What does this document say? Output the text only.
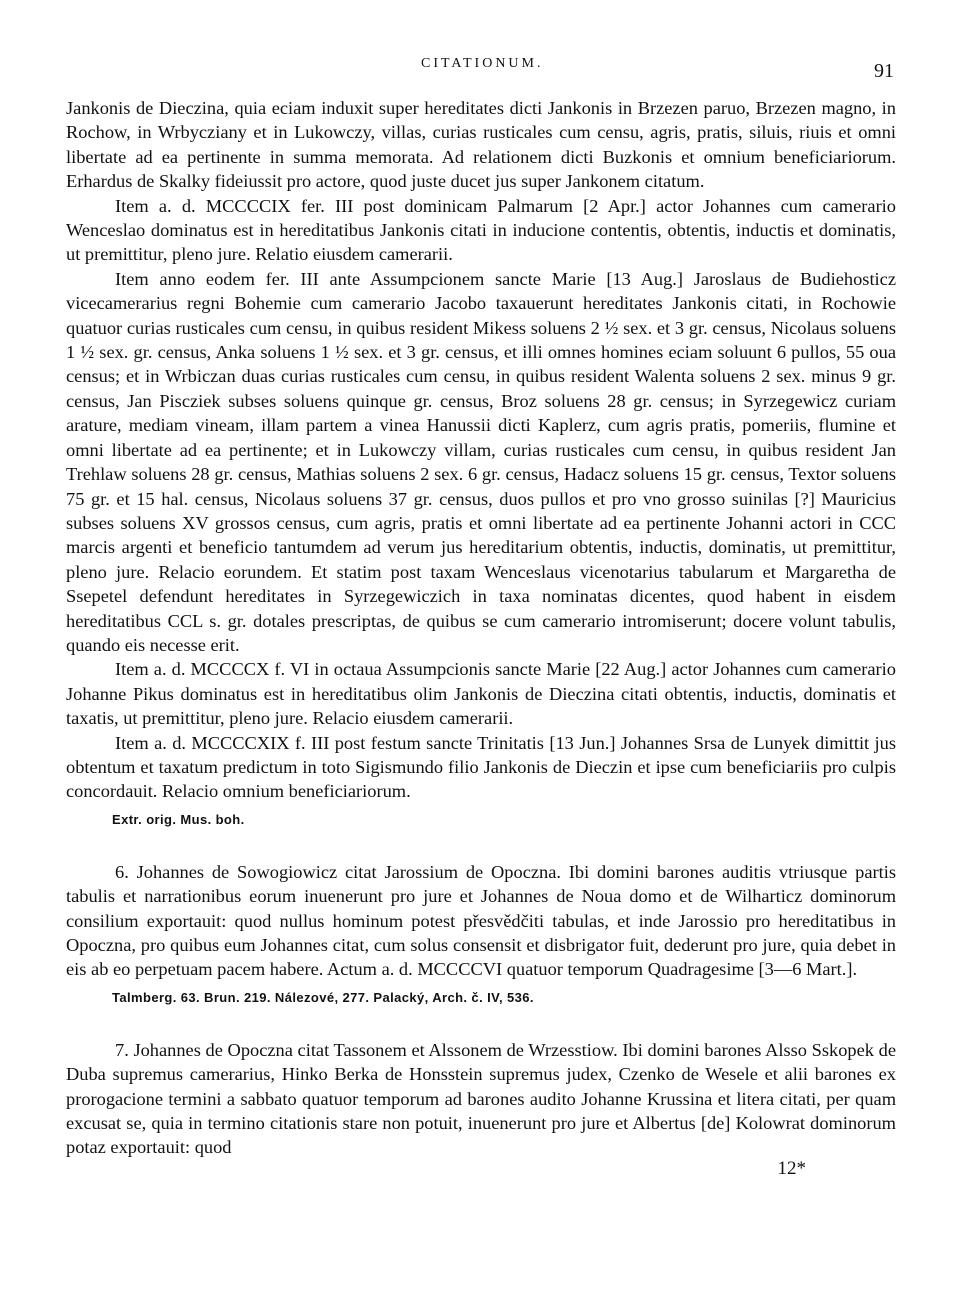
CITATIONUM.	91

Jankonis de Dieczina, quia eciam induxit super hereditates dicti Jankonis in Brzezen paruo, Brzezen magno, in Rochow, in Wrbycziany et in Lukowczy, villas, curias rusticales cum censu, agris, pratis, siluis, riuis et omni libertate ad ea pertinente in summa memorata. Ad relationem dicti Buzkonis et omnium beneficiariorum. Erhardus de Skalky fideiussit pro actore, quod juste ducet jus super Jankonem citatum.

Item a. d. MCCCCIX fer. III post dominicam Palmarum [2 Apr.] actor Johannes cum camerario Wenceslao dominatus est in hereditatibus Jankonis citati in inducione contentis, obtentis, inductis et dominatis, ut premittitur, pleno jure. Relatio eiusdem camerarii.

Item anno eodem fer. III ante Assumpcionem sancte Marie [13 Aug.] Jaroslaus de Budiehosticz vicecamerarius regni Bohemie cum camerario Jacobo taxauerunt hereditates Jankonis citati, in Rochowie quatuor curias rusticales cum censu, in quibus resident Mikess soluens 2 ½ sex. et 3 gr. census, Nicolaus soluens 1 ½ sex. gr. census, Anka soluens 1 ½ sex. et 3 gr. census, et illi omnes homines eciam soluunt 6 pullos, 55 oua census; et in Wrbiczan duas curias rusticales cum censu, in quibus resident Walenta soluens 2 sex. minus 9 gr. census, Jan Piscziek subses soluens quinque gr. census, Broz soluens 28 gr. census; in Syrzegewicz curiam arature, mediam vineam, illam partem a vinea Hanussii dicti Kaplerz, cum agris pratis, pomeriis, flumine et omni libertate ad ea pertinente; et in Lukowczy villam, curias rusticales cum censu, in quibus resident Jan Trehlaw soluens 28 gr. census, Mathias soluens 2 sex. 6 gr. census, Hadacz soluens 15 gr. census, Textor soluens 75 gr. et 15 hal. census, Nicolaus soluens 37 gr. census, duos pullos et pro vno grosso suinilas [?] Mauricius subses soluens XV grossos census, cum agris, pratis et omni libertate ad ea pertinente Johanni actori in CCC marcis argenti et beneficio tantumdem ad verum jus hereditarium obtentis, inductis, dominatis, ut premittitur, pleno jure. Relacio eorundem. Et statim post taxam Wenceslaus vicenotarius tabularum et Margaretha de Ssepetel defendunt hereditates in Syrzegewiczich in taxa nominatas dicentes, quod habent in eisdem hereditatibus CCL s. gr. dotales prescriptas, de quibus se cum camerario intromiserunt; docere volunt tabulis, quando eis necesse erit.

Item a. d. MCCCCX f. VI in octaua Assumpcionis sancte Marie [22 Aug.] actor Johannes cum camerario Johanne Pikus dominatus est in hereditatibus olim Jankonis de Dieczina citati obtentis, inductis, dominatis et taxatis, ut premittitur, pleno jure. Relacio eiusdem camerarii.

Item a. d. MCCCCXIX f. III post festum sancte Trinitatis [13 Jun.] Johannes Srsa de Lunyek dimittit jus obtentum et taxatum predictum in toto Sigismundo filio Jankonis de Dieczin et ipse cum beneficiariis pro culpis concordauit. Relacio omnium beneficiariorum.

Extr. orig. Mus. boh.

6. Johannes de Sowogiowicz citat Jarossium de Opoczna. Ibi domini barones auditis vtriusque partis tabulis et narrationibus eorum inuenerunt pro jure et Johannes de Noua domo et de Wilharticz dominorum consilium exportauit: quod nullus hominum potest přesvědčiti tabulas, et inde Jarossio pro hereditatibus in Opoczna, pro quibus eum Johannes citat, cum solus consensit et disbrigator fuit, dederunt pro jure, quia debet in eis ab eo perpetuam pacem habere. Actum a. d. MCCCCVI quatuor temporum Quadragesime [3—6 Mart.].

Talmberg. 63. Brun. 219. Nálezové, 277. Palacký, Arch. č. IV, 536.

7. Johannes de Opoczna citat Tassonem et Alssonem de Wrzesstiow. Ibi domini barones Alsso Sskopek de Duba supremus camerarius, Hinko Berka de Honsstein supremus judex, Czenko de Wesele et alii barones ex prorogacione termini a sabbato quatuor temporum ad barones audito Johanne Krussina et litera citati, per quam excusat se, quia in termino citationis stare non potuit, inuenerunt pro jure et Albertus [de] Kolowrat dominorum potaz exportauit: quod

12*
